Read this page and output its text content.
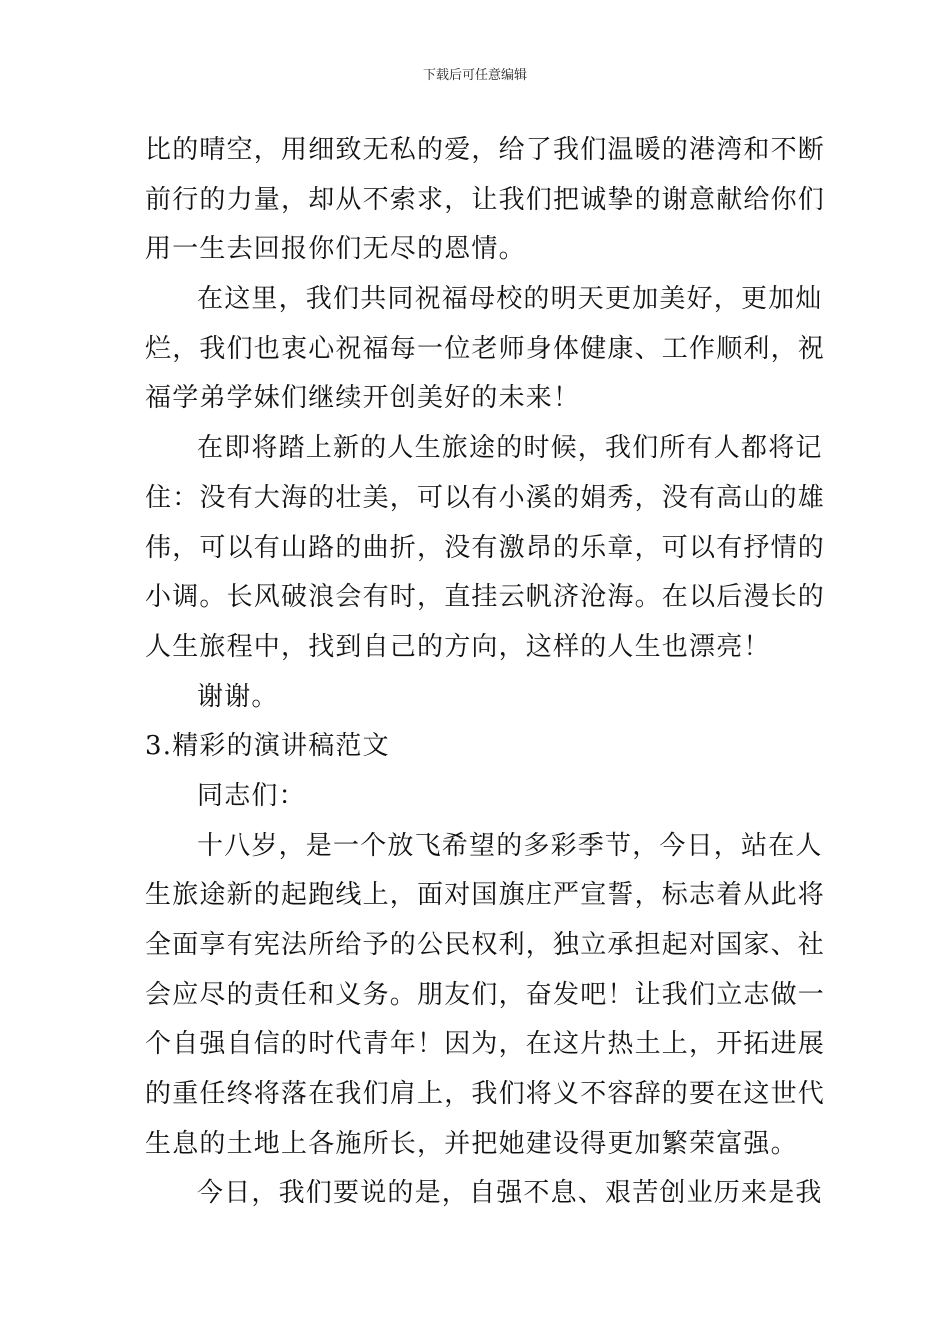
下载后可任意编辑
比的晴空，用细致无私的爱，给了我们温暖的港湾和不断
前行的力量，却从不索求，让我们把诚挚的谢意献给你们
用一生去回报你们无尽的恩情。
在这里，我们共同祝福母校的明天更加美好，更加灿
烂，我们也衷心祝福每一位老师身体健康、工作顺利，祝
福学弟学妹们继续开创美好的未来！
在即将踏上新的人生旅途的时候，我们所有人都将记
住：没有大海的壮美，可以有小溪的娟秀，没有高山的雄
伟，可以有山路的曲折，没有激昂的乐章，可以有抒情的
小调。长风破浪会有时，直挂云帆济沧海。在以后漫长的
人生旅程中，找到自己的方向，这样的人生也漂亮！
谢谢。
3.精彩的演讲稿范文
同志们：
十八岁，是一个放飞希望的多彩季节，今日，站在人
生旅途新的起跑线上，面对国旗庄严宣誓，标志着从此将
全面享有宪法所给予的公民权利，独立承担起对国家、社
会应尽的责任和义务。朋友们，奋发吧！让我们立志做一
个自强自信的时代青年！因为，在这片热土上，开拓进展
的重任终将落在我们肩上，我们将义不容辞的要在这世代
生息的土地上各施所长，并把她建设得更加繁荣富强。
今日，我们要说的是，自强不息、艰苦创业历来是我
